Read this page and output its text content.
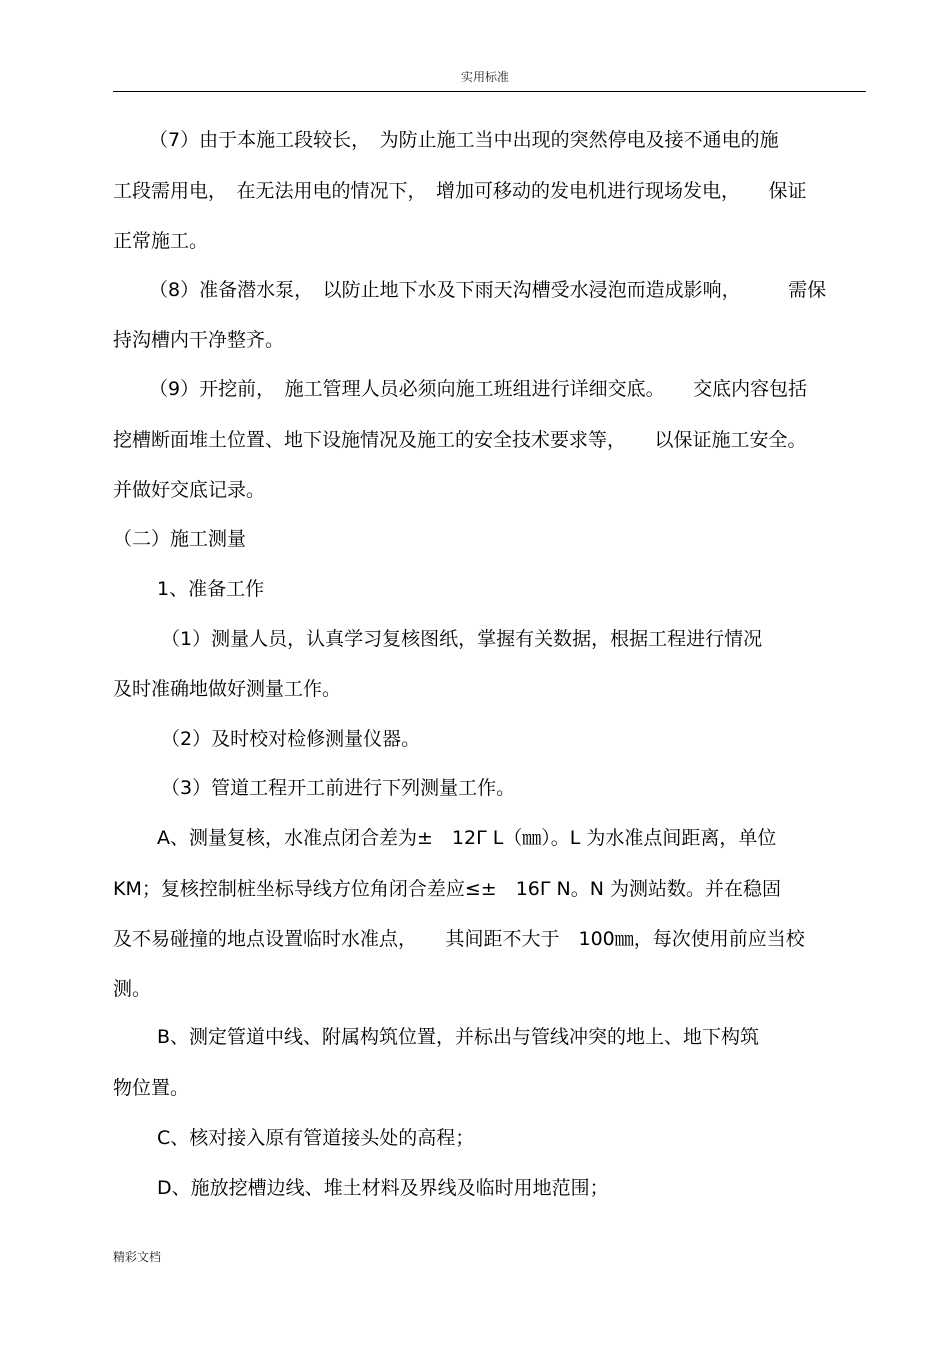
实用标准
（7）由于本施工段较长，　为防止施工当中出现的突然停电及接不通电的施
工段需用电，　在无法用电的情况下，　增加可移动的发电机进行现场发电，　　保证
正常施工。
（8）准备潜水泵，　以防止地下水及下雨天沟槽受水浸泡而造成影响，　　　需保
持沟槽内干净整齐。
（9）开挖前，　施工管理人员必须向施工班组进行详细交底。　　交底内容包括
挖槽断面堆土位置、地下设施情况及施工的安全技术要求等，　　以保证施工安全。
并做好交底记录。
（二）施工测量
1、准备工作
（1）测量人员，认真学习复核图纸，掌握有关数据，根据工程进行情况
及时准确地做好测量工作。
（2）及时校对检修测量仪器。
（3）管道工程开工前进行下列测量工作。
A、测量复核，水准点闭合差为±　12Γ L（㎜）。L 为水准点间距离，单位
KM；复核控制桩坐标导线方位角闭合差应≤±　16Γ N。N 为测站数。并在稳固
及不易碰撞的地点设置临时水准点，　　其间距不大于　100㎜，每次使用前应当校
测。
B、测定管道中线、附属构筑位置，并标出与管线冲突的地上、地下构筑
物位置。
C、核对接入原有管道接头处的高程；
D、施放挖槽边线、堆土材料及界线及临时用地范围；
精彩文档
